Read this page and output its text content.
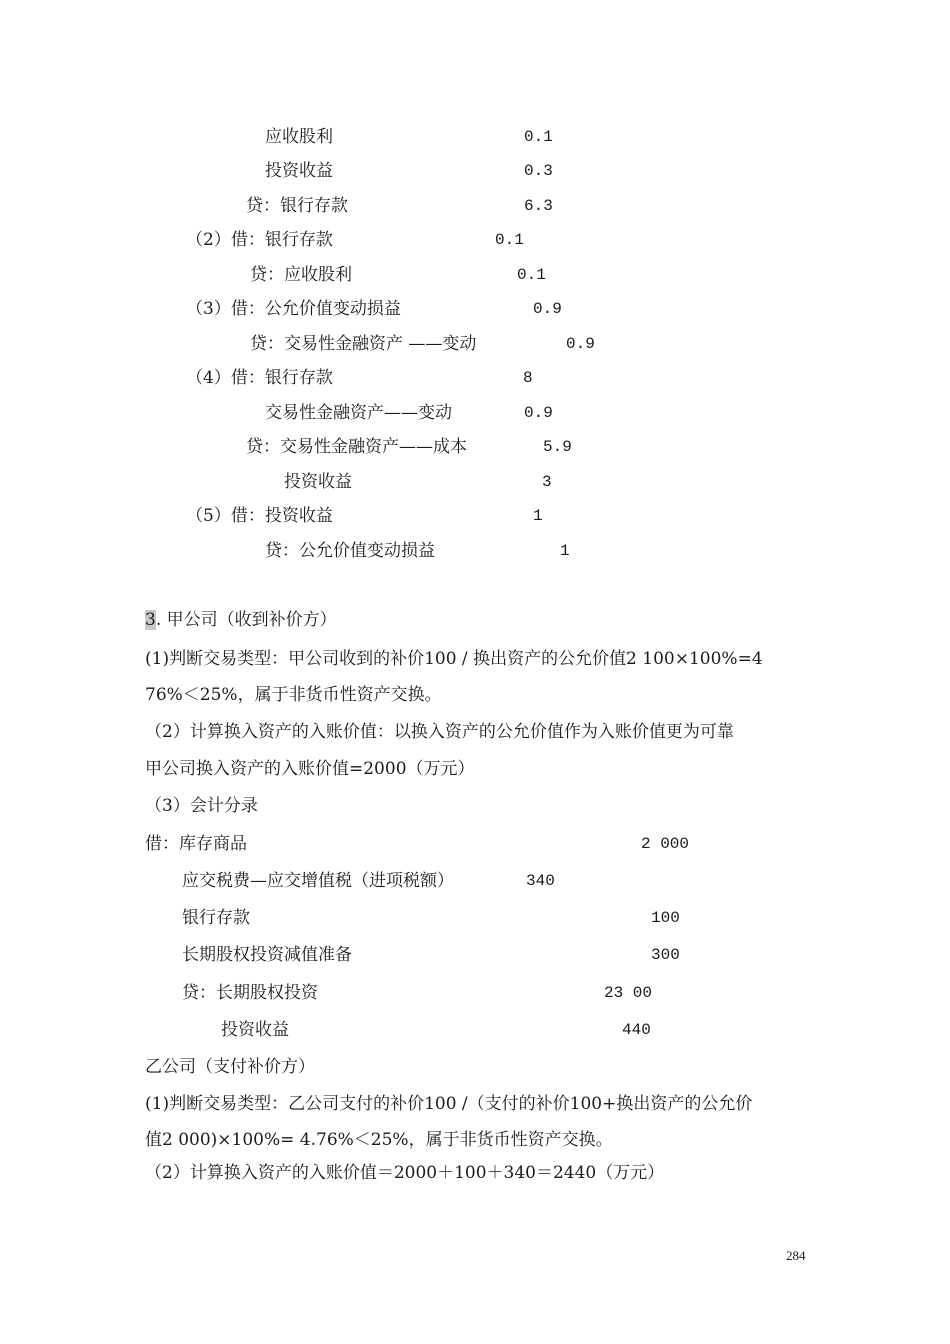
应收股利	0.1
投资收益	0.3
贷：银行存款	6.3
（2）借：银行存款	0.1
贷：应收股利	0.1
（3）借：公允价值变动损益	0.9
贷：交易性金融资产 ——变动	0.9
（4）借：银行存款	8
交易性金融资产——变动	0.9
贷：交易性金融资产——成本	5.9
投资收益	3
（5）借：投资收益	1
贷：公允价值变动损益	1
3. 甲公司（收到补价方）
(1)判断交易类型：甲公司收到的补价100 / 换出资产的公允价值2 100×100%=4
76%＜25%，属于非货币性资产交换。
（2）计算换入资产的入账价值：以换入资产的公允价值作为入账价值更为可靠
甲公司换入资产的入账价值=2000（万元）
（3）会计分录
借：库存商品	2 000
应交税费—应交增值税（进项税额）	340
银行存款	100
长期股权投资减值准备	300
贷：长期股权投资	23 00
投资收益	440
乙公司（支付补价方）
(1)判断交易类型：乙公司支付的补价100 /（支付的补价100+换出资产的公允价
值2 000)×100%= 4.76%＜25%，属于非货币性资产交换。
（2）计算换入资产的入账价值＝2000＋100＋340＝2440（万元）
284
